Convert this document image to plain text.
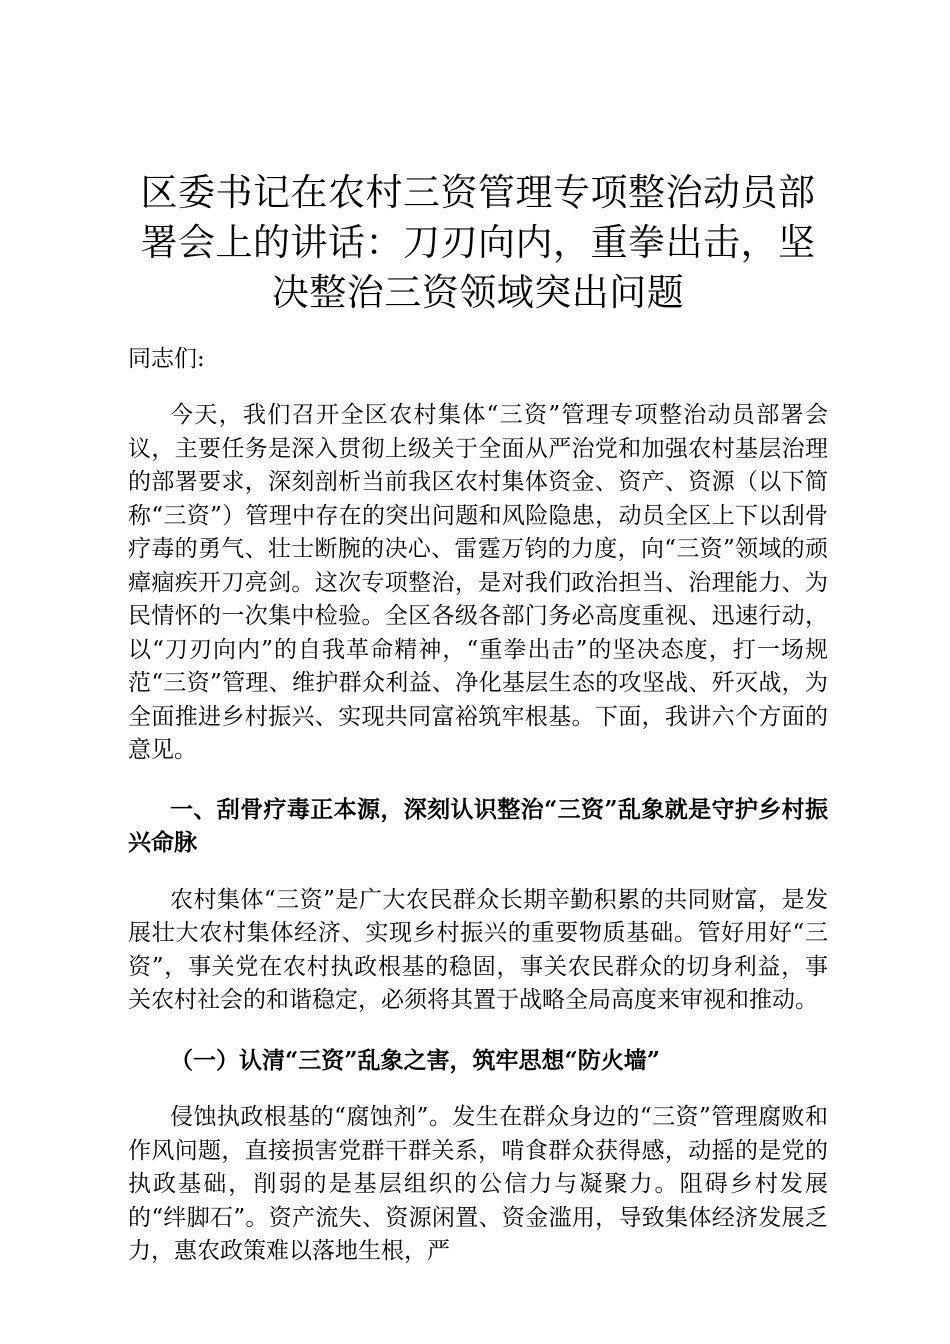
区委书记在农村三资管理专项整治动员部署会上的讲话：刀刃向内，重拳出击，坚决整治三资领域突出问题
同志们:

今天，我们召开全区农村集体“三资”管理专项整治动员部署会议，主要任务是深入贯彻上级关于全面从严治党和加强农村基层治理的部署要求，深刻剖析当前我区农村集体资金、资产、资源（以下简称“三资”）管理中存在的突出问题和风险隐患，动员全区上下以刮骨疗毒的勇气、壮士断腕的决心、雷霆万钧的力度，向“三资”领域的顽瘴痼疾开刀亮剑。这次专项整治，是对我们政治担当、治理能力、为民情怀的一次集中检验。全区各级各部门务必高度重视、迅速行动，以“刀刃向内”的自我革命精神，“重拳出击”的坚决态度，打一场规范“三资”管理、维护群众利益、净化基层生态的攻坚战、歼灭战，为全面推进乡村振兴、实现共同富裕筑牢根基。下面，我讲六个方面的意见。

一、刮骨疗毒正本源，深刻认识整治“三资”乱象就是守护乡村振兴命脉

农村集体“三资”是广大农民群众长期辛勤积累的共同财富，是发展壮大农村集体经济、实现乡村振兴的重要物质基础。管好用好“三资”，事关党在农村执政根基的稳固，事关农民群众的切身利益，事关农村社会的和谐稳定，必须将其置于战略全局高度来审视和推动。

（一）认清“三资”乱象之害，筑牢思想“防火墙”

侵蚀执政根基的“腐蚀剂”。发生在群众身边的“三资”管理腐败和作风问题，直接损害党群干群关系，啃食群众获得感，动摇的是党的执政基础，削弱的是基层组织的公信力与凝聚力。阻碍乡村发展的“绊脚石”。资产流失、资源闲置、资金滥用，导致集体经济发展乏力，惠农政策难以落地生根，严
